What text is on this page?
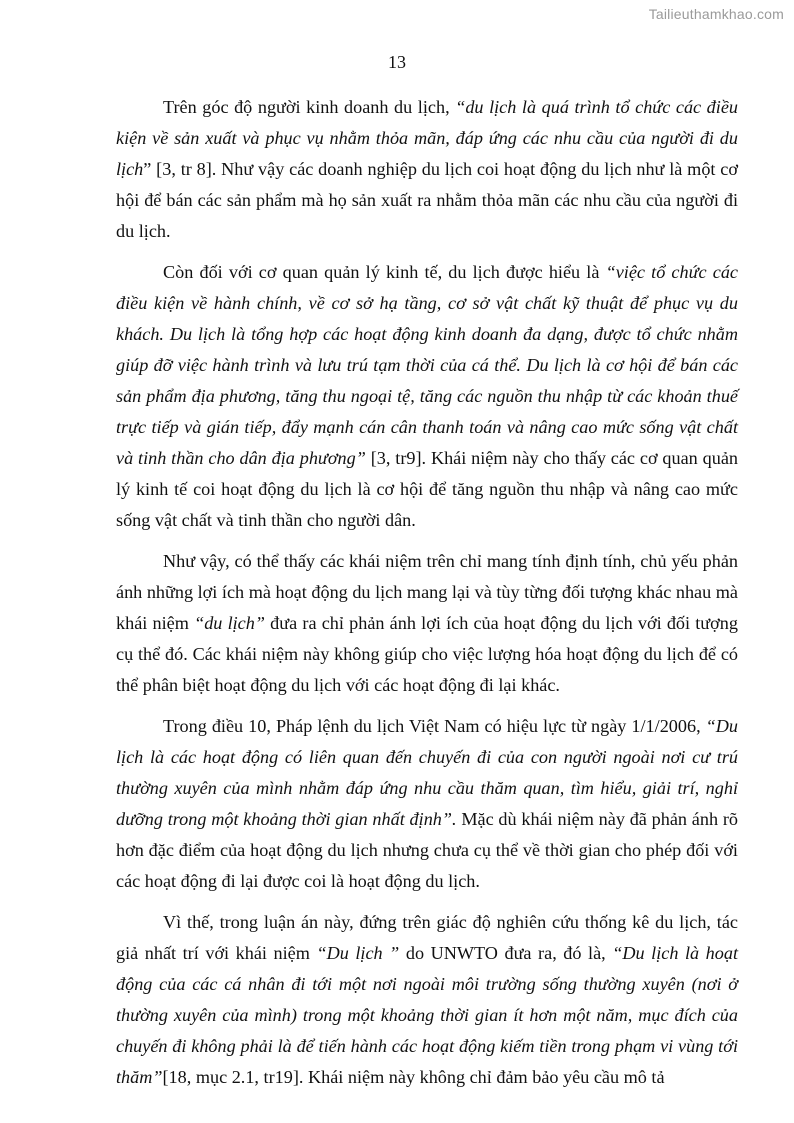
Tailieuthamkhao.com
13

Trên góc độ người kinh doanh du lịch, “du lịch là quá trình tổ chức các điều kiện về sản xuất và phục vụ nhằm thỏa mãn, đáp ứng các nhu cầu của người đi du lịch” [3, tr 8]. Như vậy các doanh nghiệp du lịch coi hoạt động du lịch như là một cơ hội để bán các sản phẩm mà họ sản xuất ra nhằm thỏa mãn các nhu cầu của người đi du lịch.

Còn đối với cơ quan quản lý kinh tế, du lịch được hiểu là “việc tổ chức các điều kiện về hành chính, về cơ sở hạ tầng, cơ sở vật chất kỹ thuật để phục vụ du khách. Du lịch là tổng hợp các hoạt động kinh doanh đa dạng, được tổ chức nhằm giúp đỡ việc hành trình và lưu trú tạm thời của cá thể. Du lịch là cơ hội để bán các sản phẩm địa phương, tăng thu ngoại tệ, tăng các nguồn thu nhập từ các khoản thuế trực tiếp và gián tiếp, đẩy mạnh cán cân thanh toán và nâng cao mức sống vật chất và tinh thần cho dân địa phương” [3, tr9]. Khái niệm này cho thấy các cơ quan quản lý kinh tế coi hoạt động du lịch là cơ hội để tăng nguồn thu nhập và nâng cao mức sống vật chất và tinh thần cho người dân.

Như vậy, có thể thấy các khái niệm trên chỉ mang tính định tính, chủ yếu phản ánh những lợi ích mà hoạt động du lịch mang lại và tùy từng đối tượng khác nhau mà khái niệm “du lịch” đưa ra chỉ phản ánh lợi ích của hoạt động du lịch với đối tượng cụ thể đó. Các khái niệm này không giúp cho việc lượng hóa hoạt động du lịch để có thể phân biệt hoạt động du lịch với các hoạt động đi lại khác.

Trong điều 10, Pháp lệnh du lịch Việt Nam có hiệu lực từ ngày 1/1/2006, “Du lịch là các hoạt động có liên quan đến chuyến đi của con người ngoài nơi cư trú thường xuyên của mình nhằm đáp ứng nhu cầu thăm quan, tìm hiểu, giải trí, nghỉ dưỡng trong một khoảng thời gian nhất định”. Mặc dù khái niệm này đã phản ánh rõ hơn đặc điểm của hoạt động du lịch nhưng chưa cụ thể về thời gian cho phép đối với các hoạt động đi lại được coi là hoạt động du lịch.

Vì thế, trong luận án này, đứng trên giác độ nghiên cứu thống kê du lịch, tác giả nhất trí với khái niệm “Du lịch ” do UNWTO đưa ra, đó là, “Du lịch là hoạt động của các cá nhân đi tới một nơi ngoài môi trường sống thường xuyên (nơi ở thường xuyên của mình) trong một khoảng thời gian ít hơn một năm, mục đích của chuyến đi không phải là để tiến hành các hoạt động kiếm tiền trong phạm vi vùng tới thăm”[18, mục 2.1, tr19]. Khái niệm này không chỉ đảm bảo yêu cầu mô tả
